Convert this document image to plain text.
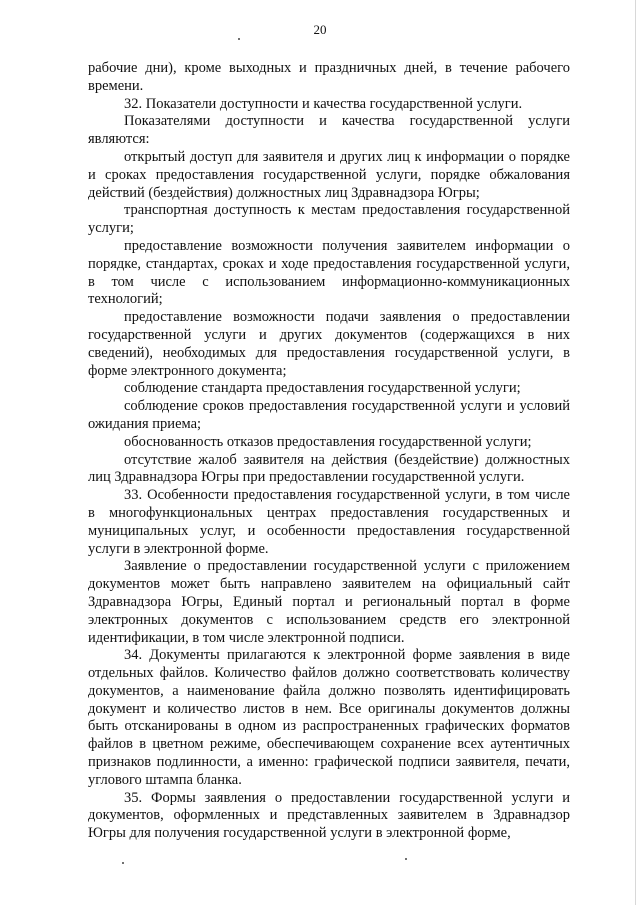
20

рабочие дни), кроме выходных и праздничных дней, в течение рабочего времени.

32. Показатели доступности и качества государственной услуги.

Показателями доступности и качества государственной услуги являются:

открытый доступ для заявителя и других лиц к информации о порядке и сроках предоставления государственной услуги, порядке обжалования действий (бездействия) должностных лиц Здравнадзора Югры;

транспортная доступность к местам предоставления государственной услуги;

предоставление возможности получения заявителем информации о порядке, стандартах, сроках и ходе предоставления государственной услуги, в том числе с использованием информационно-коммуникационных технологий;

предоставление возможности подачи заявления о предоставлении государственной услуги и других документов (содержащихся в них сведений), необходимых для предоставления государственной услуги, в форме электронного документа;

соблюдение стандарта предоставления государственной услуги;

соблюдение сроков предоставления государственной услуги и условий ожидания приема;

обоснованность отказов предоставления государственной услуги;

отсутствие жалоб заявителя на действия (бездействие) должностных лиц Здравнадзора Югры при предоставлении государственной услуги.

33. Особенности предоставления государственной услуги, в том числе в многофункциональных центрах предоставления государственных и муниципальных услуг, и особенности предоставления государственной услуги в электронной форме.

Заявление о предоставлении государственной услуги с приложением документов может быть направлено заявителем на официальный сайт Здравнадзора Югры, Единый портал и региональный портал в форме электронных документов с использованием средств его электронной идентификации, в том числе электронной подписи.

34. Документы прилагаются к электронной форме заявления в виде отдельных файлов. Количество файлов должно соответствовать количеству документов, а наименование файла должно позволять идентифицировать документ и количество листов в нем. Все оригиналы документов должны быть отсканированы в одном из распространенных графических форматов файлов в цветном режиме, обеспечивающем сохранение всех аутентичных признаков подлинности, а именно: графической подписи заявителя, печати, углового штампа бланка.

35. Формы заявления о предоставлении государственной услуги и документов, оформленных и представленных заявителем в Здравнадзор Югры для получения государственной услуги в электронной форме,
